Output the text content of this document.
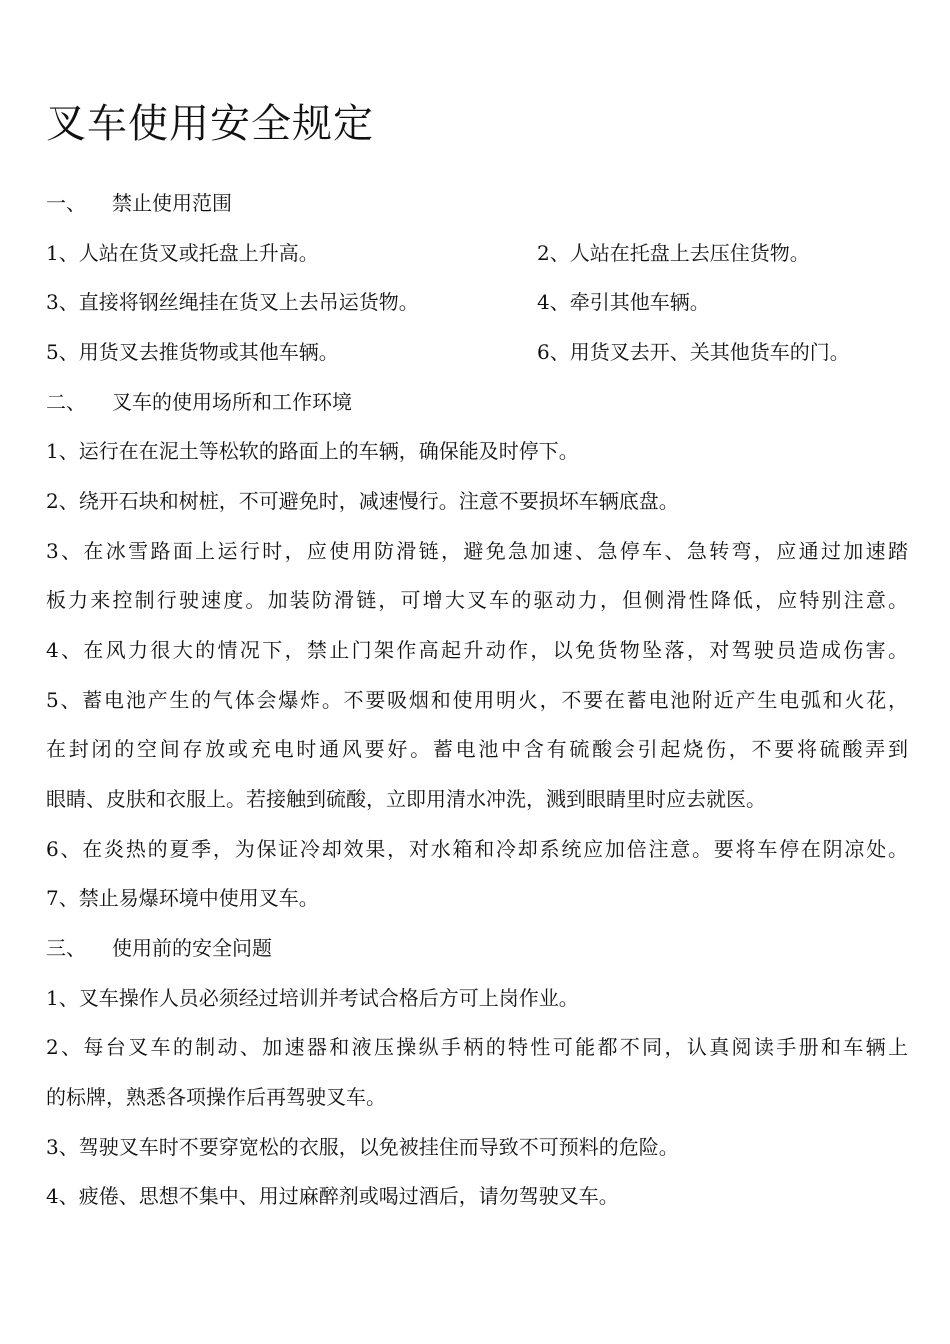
叉车使用安全规定
一、 禁止使用范围
1、人站在货叉或托盘上升高。	2、人站在托盘上去压住货物。
3、直接将钢丝绳挂在货叉上去吊运货物。	4、牵引其他车辆。
5、用货叉去推货物或其他车辆。	6、用货叉去开、关其他货车的门。
二、 叉车的使用场所和工作环境
1、运行在在泥土等松软的路面上的车辆，确保能及时停下。
2、绕开石块和树桩，不可避免时，减速慢行。注意不要损坏车辆底盘。
3、在冰雪路面上运行时，应使用防滑链，避免急加速、急停车、急转弯，应通过加速踏
板力来控制行驶速度。加装防滑链，可增大叉车的驱动力，但侧滑性降低，应特别注意。
4、在风力很大的情况下，禁止门架作高起升动作，以免货物坠落，对驾驶员造成伤害。
5、蓄电池产生的气体会爆炸。不要吸烟和使用明火，不要在蓄电池附近产生电弧和火花，
在封闭的空间存放或充电时通风要好。蓄电池中含有硫酸会引起烧伤，不要将硫酸弄到
眼睛、皮肤和衣服上。若接触到硫酸，立即用清水冲洗，溅到眼睛里时应去就医。
6、在炎热的夏季，为保证冷却效果，对水箱和冷却系统应加倍注意。要将车停在阴凉处。
7、禁止易爆环境中使用叉车。
三、 使用前的安全问题
1、叉车操作人员必须经过培训并考试合格后方可上岗作业。
2、每台叉车的制动、加速器和液压操纵手柄的特性可能都不同，认真阅读手册和车辆上
的标牌，熟悉各项操作后再驾驶叉车。
3、驾驶叉车时不要穿宽松的衣服，以免被挂住而导致不可预料的危险。
4、疲倦、思想不集中、用过麻醉剂或喝过酒后，请勿驾驶叉车。
